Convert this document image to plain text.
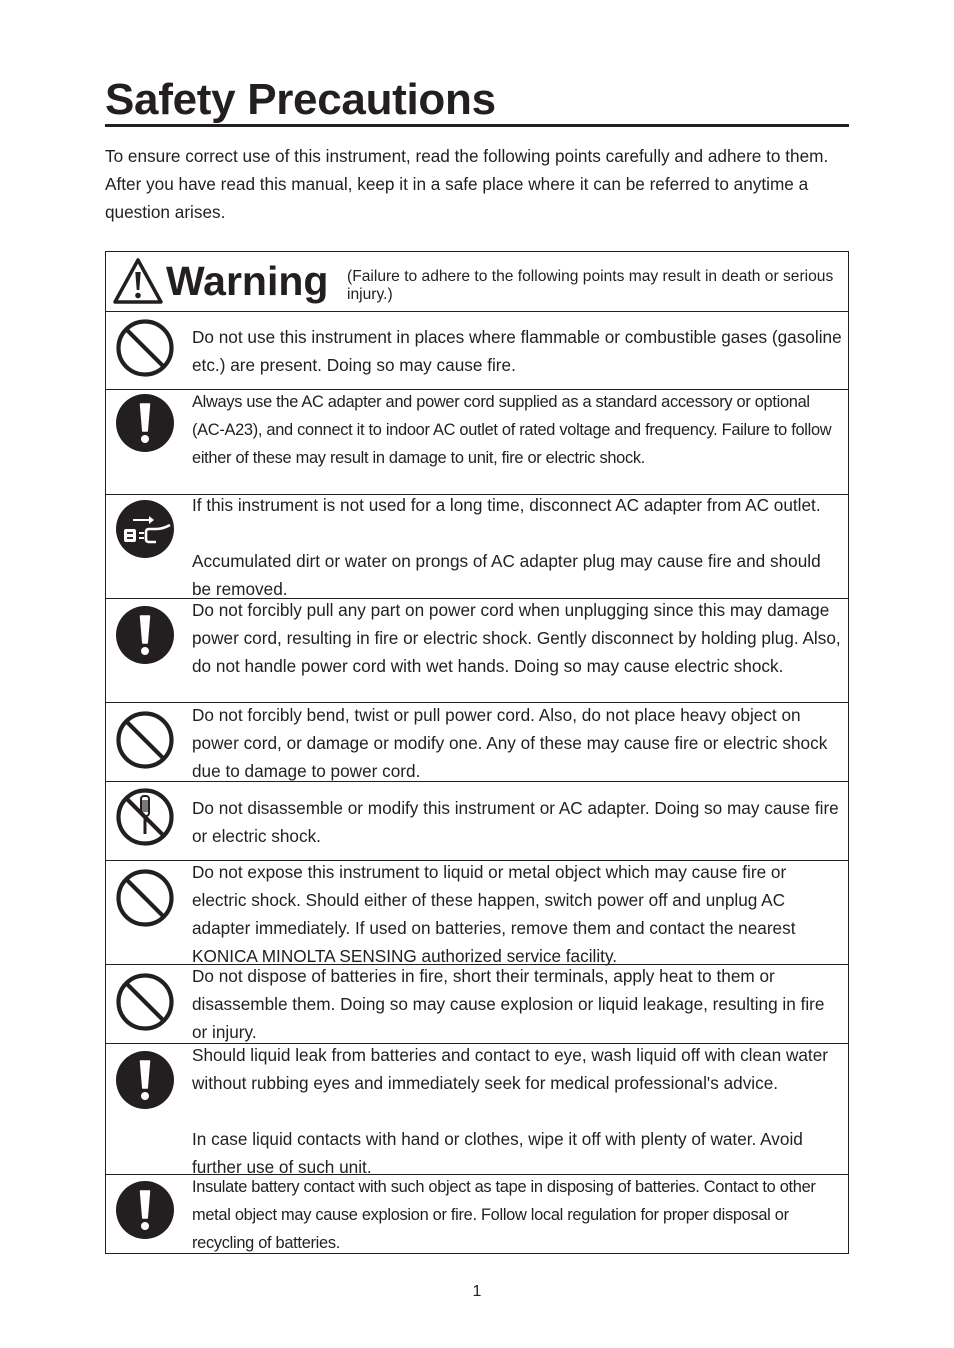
Safety Precautions

To ensure correct use of this instrument, read the following points carefully and adhere to them. After you have read this manual, keep it in a safe place where it can be referred to anytime a question arises.

Warning (Failure to adhere to the following points may result in death or serious injury.)

Do not use this instrument in places where flammable or combustible gases (gasoline etc.) are present. Doing so may cause fire.

Always use the AC adapter and power cord supplied as a standard accessory or optional (AC-A23), and connect it to indoor AC outlet of rated voltage and frequency. Failure to follow either of these may result in damage to unit, fire or electric shock.

If this instrument is not used for a long time, disconnect AC adapter from AC outlet.

Accumulated dirt or water on prongs of AC adapter plug may cause fire and should be removed.

Do not forcibly pull any part on power cord when unplugging since this may damage power cord, resulting in fire or electric shock. Gently disconnect by holding plug. Also, do not handle power cord with wet hands. Doing so may cause electric shock.

Do not forcibly bend, twist or pull power cord. Also, do not place heavy object on power cord, or damage or modify one. Any of these may cause fire or electric shock due to damage to power cord.

Do not disassemble or modify this instrument or AC adapter. Doing so may cause fire or electric shock.

Do not expose this instrument to liquid or metal object which may cause fire or electric shock. Should either of these happen, switch power off and unplug AC adapter immediately. If used on batteries, remove them and contact the nearest KONICA MINOLTA SENSING authorized service facility.

Do not dispose of batteries in fire, short their terminals, apply heat to them or disassemble them. Doing so may cause explosion or liquid leakage, resulting in fire or injury.

Should liquid leak from batteries and contact to eye, wash liquid off with clean water without rubbing eyes and immediately seek for medical professional's advice.

In case liquid contacts with hand or clothes, wipe it off with plenty of water. Avoid further use of such unit.

Insulate battery contact with such object as tape in disposing of batteries. Contact to other metal object may cause explosion or fire. Follow local regulation for proper disposal or recycling of batteries.

1
